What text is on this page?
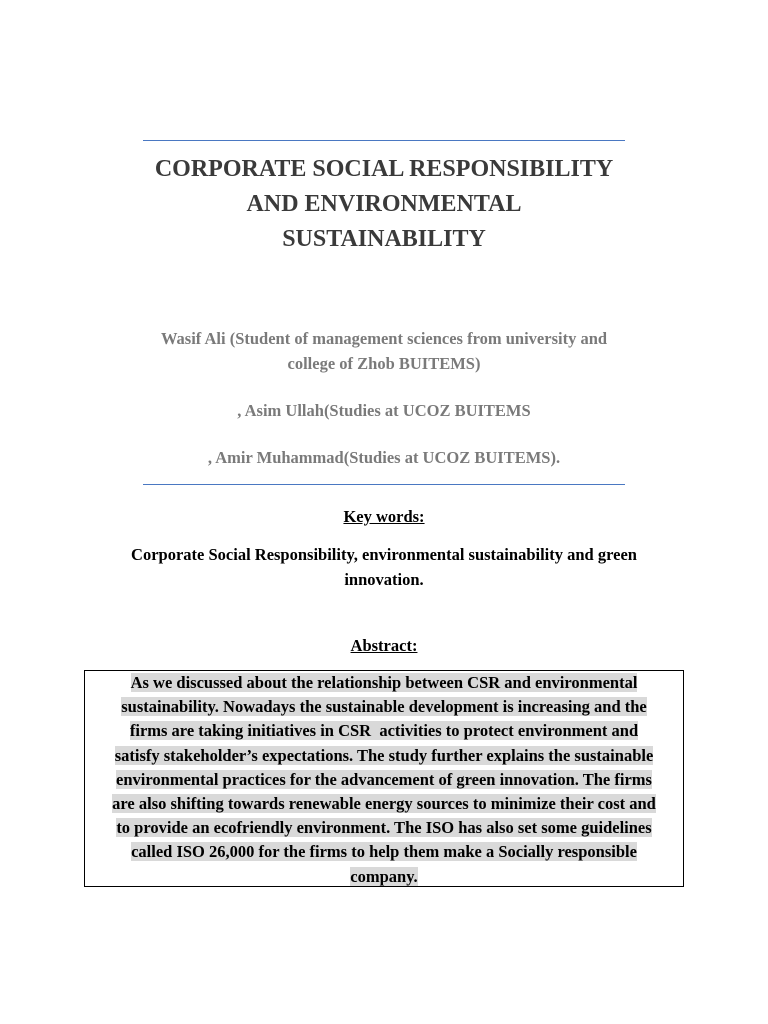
CORPORATE SOCIAL RESPONSIBILITY
AND ENVIRONMENTAL
SUSTAINABILITY
Wasif Ali (Student of management sciences from university and
college of Zhob BUITEMS)
, Asim Ullah(Studies at UCOZ BUITEMS
, Amir Muhammad(Studies at UCOZ BUITEMS).
Key words:
Corporate Social Responsibility, environmental sustainability and green
innovation.
Abstract:
As we discussed about the relationship between CSR and environmental
sustainability. Nowadays the sustainable development is increasing and the
firms are taking initiatives in CSR  activities to protect environment and
satisfy stakeholder’s expectations. The study further explains the sustainable
environmental practices for the advancement of green innovation. The firms
are also shifting towards renewable energy sources to minimize their cost and
to provide an ecofriendly environment. The ISO has also set some guidelines
called ISO 26,000 for the firms to help them make a Socially responsible
company.
